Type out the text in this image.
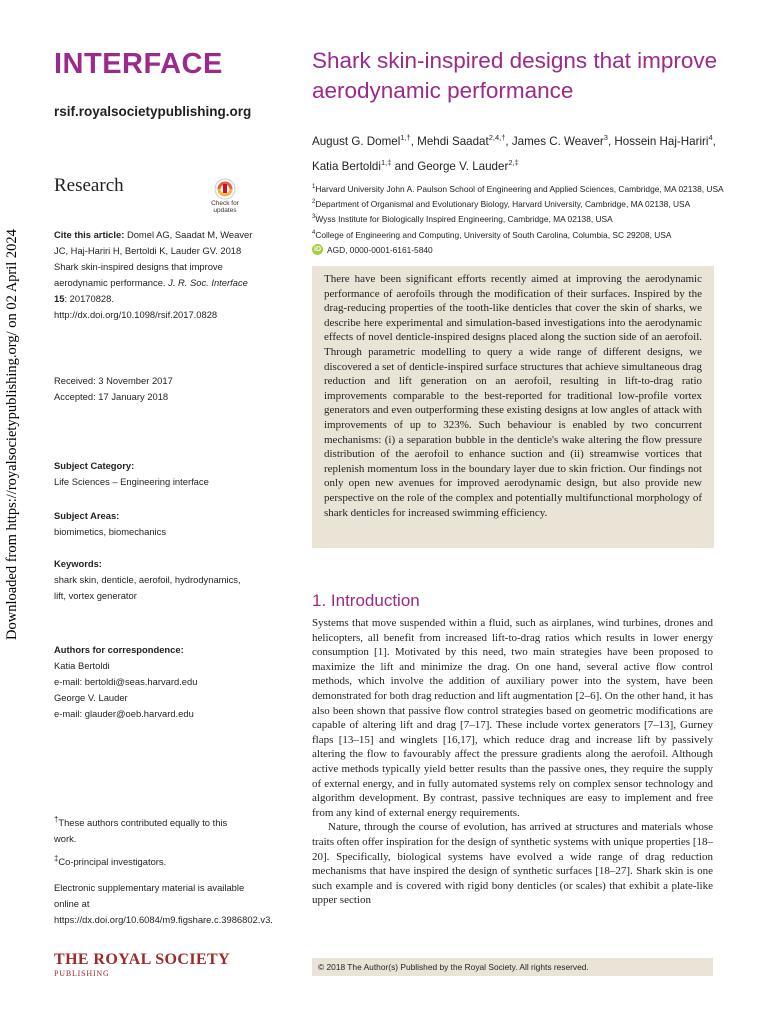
Downloaded from https://royalsocietypublishing.org/ on 02 April 2024
INTERFACE
rsif.royalsocietypublishing.org
Research
Check for updates

Cite this article: Domel AG, Saadat M, Weaver JC, Haj-Hariri H, Bertoldi K, Lauder GV. 2018 Shark skin-inspired designs that improve aerodynamic performance. J. R. Soc. Interface

15: 20170828.

http://dx.doi.org/10.1098/rsif.2017.0828

Received: 3 November 2017

Accepted: 17 January 2018

Subject Category:

Life Sciences – Engineering interface

Subject Areas:

biomimetics, biomechanics

Keywords:

shark skin, denticle, aerofoil, hydrodynamics, lift, vortex generator

Authors for correspondence:

Katia Bertoldi

e-mail: bertoldi@seas.harvard.edu

George V. Lauder

e-mail: glauder@oeb.harvard.edu

†These authors contributed equally to this work.

‡Co-principal investigators.

Electronic supplementary material is available online at https://dx.doi.org/10.6084/m9.figshare.c.3986802.v3.
THE ROYAL SOCIETY
PUBLISHING
Shark skin-inspired designs that improve aerodynamic performance
August G. Domel$^{1,\dagger}$, Mehdi Saadat$^{2,4,\dagger}$, James C. Weaver$^3$, Hossein Haj-Hariri$^4$, Katia Bertoldi$^{1,\ddagger}$ and George V. Lauder$^{2,\ddagger}$
$^1$Harvard University John A. Paulson School of Engineering and Applied Sciences, Cambridge, MA 02138, USA
$^2$Department of Organismal and Evolutionary Biology, Harvard University, Cambridge, MA 02138, USA
$^3$Wyss Institute for Biologically Inspired Engineering, Cambridge, MA 02138, USA
$^4$College of Engineering and Computing, University of South Carolina, Columbia, SC 29208, USA
iD AGD, 0000-0001-6161-5840
There have been significant efforts recently aimed at improving the aerodynamic performance of aerofoils through the modification of their surfaces. Inspired by the drag-reducing properties of the tooth-like denticles that cover the skin of sharks, we describe here experimental and simulation-based investigations into the aerodynamic effects of novel denticle-inspired designs placed along the suction side of an aerofoil. Through parametric modelling to query a wide range of different designs, we discovered a set of denticle-inspired surface structures that achieve simultaneous drag reduction and lift generation on an aerofoil, resulting in lift-to-drag ratio improvements comparable to the best-reported for traditional low-profile vortex generators and even outperforming these existing designs at low angles of attack with improvements of up to 323%. Such behaviour is enabled by two concurrent mechanisms: (i) a separation bubble in the denticle's wake altering the flow pressure distribution of the aerofoil to enhance suction and (ii) streamwise vortices that replenish momentum loss in the boundary layer due to skin friction. Our findings not only open new avenues for improved aerodynamic design, but also provide new perspective on the role of the complex and potentially multifunctional morphology of shark denticles for increased swimming efficiency.
1. Introduction

Systems that move suspended within a fluid, such as airplanes, wind turbines, drones and helicopters, all benefit from increased lift-to-drag ratios which results in lower energy consumption [1]. Motivated by this need, two main strategies have been proposed to maximize the lift and minimize the drag. On one hand, several active flow control methods, which involve the addition of auxiliary power into the system, have been demonstrated for both drag reduction and lift augmentation [2–6]. On the other hand, it has also been shown that passive flow control strategies based on geometric modifications are capable of altering lift and drag [7–17]. These include vortex generators [7–13], Gurney flaps [13–15] and winglets [16,17], which reduce drag and increase lift by passively altering the flow to favourably affect the pressure gradients along the aerofoil. Although active methods typically yield better results than the passive ones, they require the supply of external energy, and in fully automated systems rely on complex sensor technology and algorithm development. By contrast, passive techniques are easy to implement and free from any kind of external energy requirements.

Nature, through the course of evolution, has arrived at structures and materials whose traits often offer inspiration for the design of synthetic systems with unique properties [18–20]. Specifically, biological systems have evolved a wide range of drag reduction mechanisms that have inspired the design of synthetic surfaces [18–27]. Shark skin is one such example and is covered with rigid bony denticles (or scales) that exhibit a plate-like upper section

© 2018 The Author(s) Published by the Royal Society. All rights reserved.
